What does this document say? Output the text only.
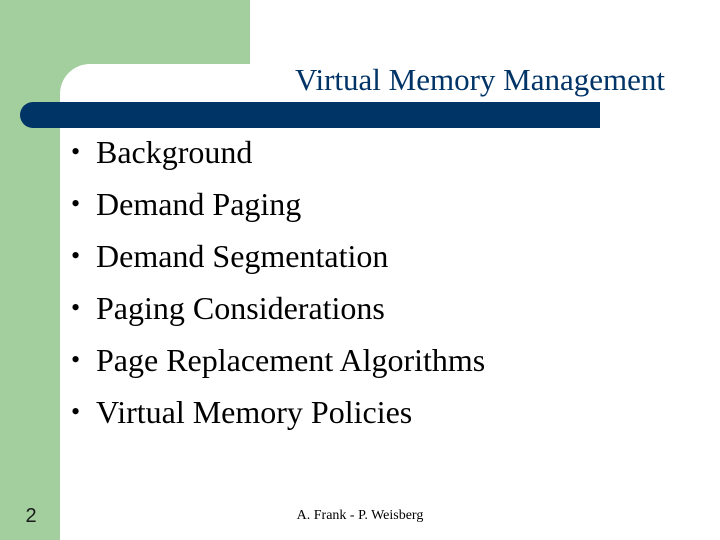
Virtual Memory Management
• Background
• Demand Paging
• Demand Segmentation
• Paging Considerations
• Page Replacement Algorithms
• Virtual Memory Policies
2	A. Frank - P. Weisberg
